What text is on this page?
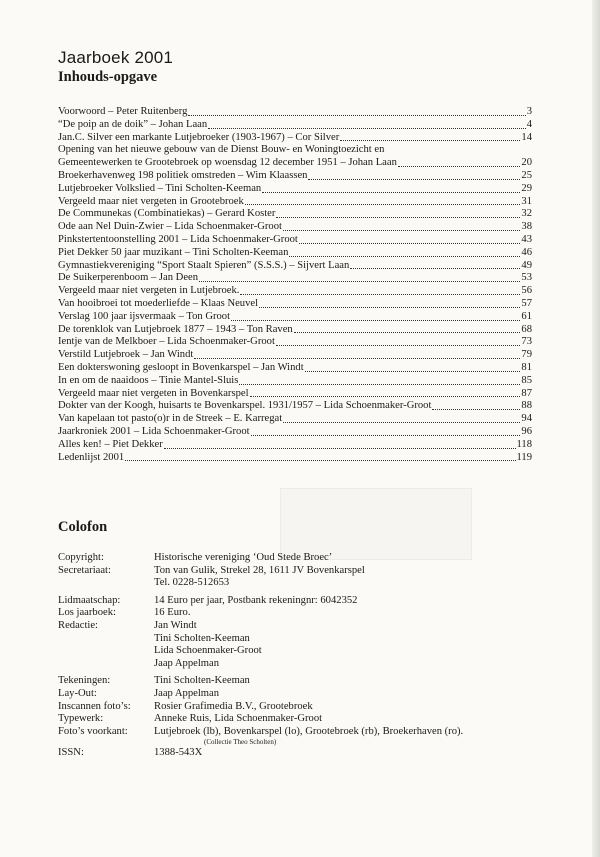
Jaarboek 2001
Inhouds-opgave
Voorwoord – Peter Ruitenberg	3
“De poip an de doik” – Johan Laan	4
Jan.C. Silver een markante Lutjebroeker (1903-1967) – Cor Silver	14
Opening van het nieuwe gebouw van de Dienst Bouw- en Woningtoezicht en
Gemeentewerken te Grootebroek op woensdag 12 december 1951 – Johan Laan	20
Broekerhavenweg 198 politiek omstreden – Wim Klaassen	25
Lutjebroeker Volkslied – Tini Scholten-Keeman	29
Vergeeld maar niet vergeten in Grootebroek	31
De Communekas (Combinatiekas) – Gerard Koster	32
Ode aan Nel Duin-Zwier – Lida Schoenmaker-Groot	38
Pinkstertentoonstelling 2001 – Lida Schoenmaker-Groot	43
Piet Dekker 50 jaar muzikant – Tini Scholten-Keeman	46
Gymnastiekvereniging “Sport Staalt Spieren” (S.S.S.) – Sijvert Laan	49
De Suikerperenboom – Jan Deen	53
Vergeeld maar niet vergeten in Lutjebroek.	56
Van hooibroei tot moederliefde – Klaas Neuvel	57
Verslag 100 jaar ijsvermaak – Ton Groot	61
De torenklok van Lutjebroek 1877 – 1943 – Ton Raven	68
Ientje van de Melkboer – Lida Schoenmaker-Groot	73
Verstild Lutjebroek – Jan Windt	79
Een dokterswoning gesloopt in Bovenkarspel – Jan Windt	81
In en om de naaidoos – Tinie Mantel-Sluis	85
Vergeeld maar niet vergeten in Bovenkarspel	87
Dokter van der Koogh, huisarts te Bovenkarspel. 1931/1957 – Lida Schoenmaker-Groot	88
Van kapelaan tot pasto(o)r in de Streek – E. Karregat	94
Jaarkroniek 2001 – Lida Schoenmaker-Groot	96
Alles ken! – Piet Dekker	118
Ledenlijst 2001	119
Colofon
Copyright:	Historische vereniging ‘Oud Stede Broec’
Secretariaat:	Ton van Gulik, Strekel 28, 1611 JV Bovenkarspel
Tel. 0228-512653
Lidmaatschap:	14 Euro per jaar, Postbank rekeningnr: 6042352
Los jaarboek:	16 Euro.
Redactie:	Jan Windt
Tini Scholten-Keeman
Lida Schoenmaker-Groot
Jaap Appelman
Tekeningen:	Tini Scholten-Keeman
Lay-Out:	Jaap Appelman
Inscannen foto’s:	Rosier Grafimedia B.V., Grootebroek
Typewerk:	Anneke Ruis, Lida Schoenmaker-Groot
Foto’s voorkant:	Lutjebroek (lb), Bovenkarspel (lo), Grootebroek (rb), Broekerhaven (ro).
(Collectie Theo Scholten)
ISSN:	1388-543X
